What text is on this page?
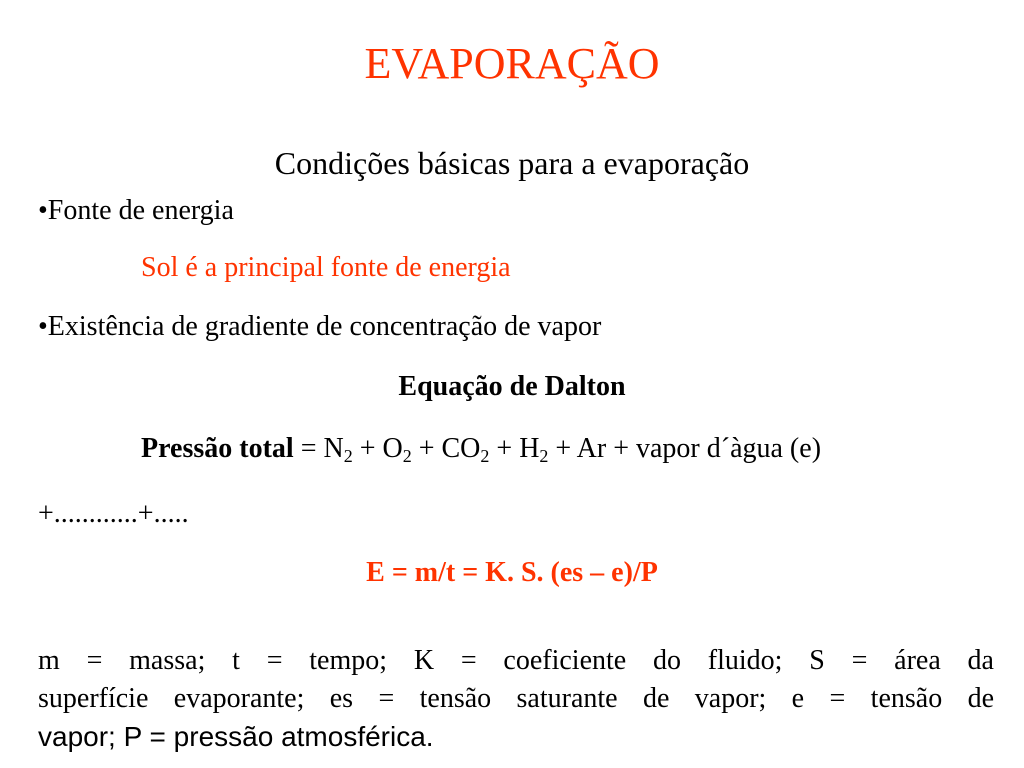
EVAPORAÇÃO
Condições básicas para a evaporação
•Fonte de energia
Sol é a principal fonte de energia
•Existência de gradiente de concentração de vapor
Equação de Dalton
Pressão total = $N_2 + O_2 + CO_2 + H_2 + Ar$ + vapor d´àgua (e)
+............+.....
E = m/t = K. S. (es – e)/P
m = massa; t = tempo; K = coeficiente do fluido; S = área da
superfície evaporante; es = tensão saturante de vapor; e = tensão de
vapor; P = pressão atmosférica.
